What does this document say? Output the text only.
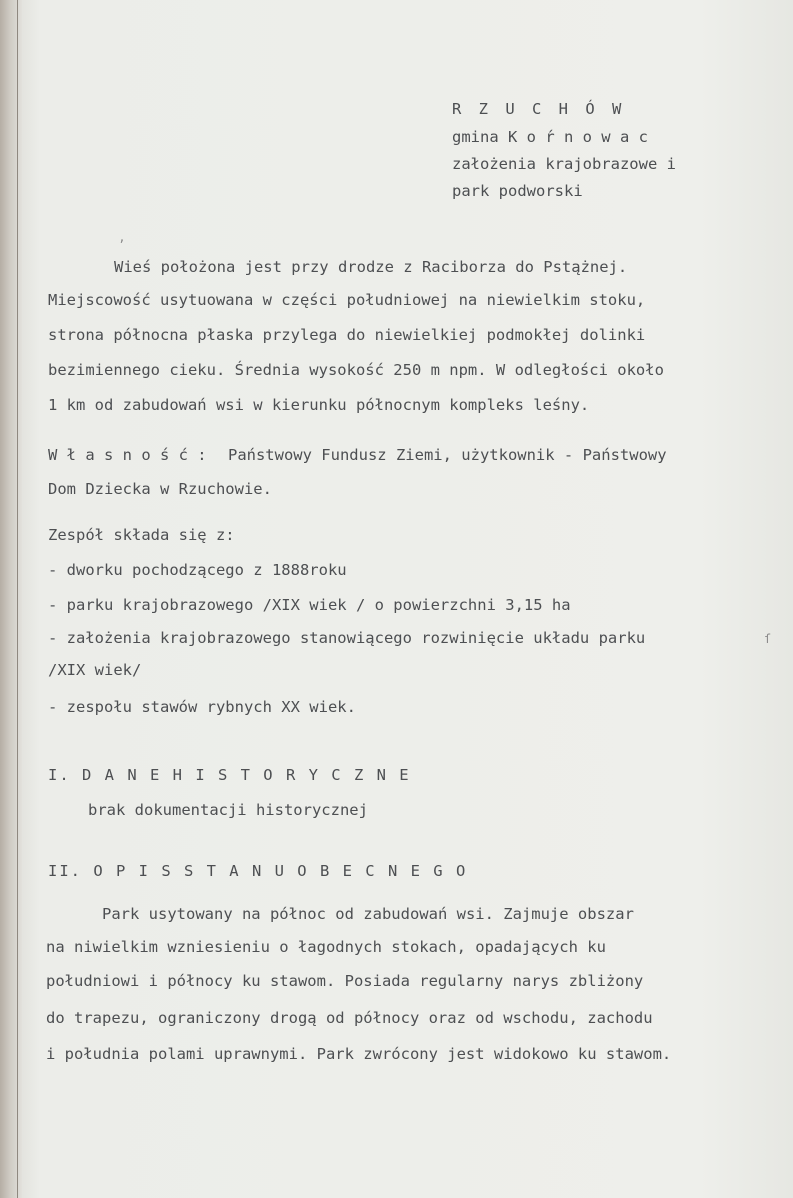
R Z U C H Ó W
gmina K o ́r n o w a c
założenia krajobrazowe i
park podworski
ʼ
Wieś położona jest przy drodze z Raciborza do Pstążnej.
Miejscowość usytuowana w części południowej na niewielkim stoku,
strona północna płaska przylega do niewielkiej podmokłej dolinki
bezimiennego cieku. Średnia wysokość 250 m npm. W odległości około
1 km od zabudowań wsi w kierunku północnym kompleks leśny.
W ł a s n o ś ć : Państwowy Fundusz Ziemi, użytkownik - Państwowy
Dom Dziecka w Rzuchowie.
Zespół składa się z:
- dworku pochodzącego z 1888roku
- parku krajobrazowego /XIX wiek / o powierzchni 3,15 ha
- założenia krajobrazowego stanowiącego rozwinięcie układu parku
/XIX wiek/
- zespołu stawów rybnych XX wiek.
ſ
I. D A N E H I S T O R Y C Z N E
brak dokumentacji historycznej
II. O P I S S T A N U O B E C N E G O
Park usytowany na północ od zabudowań wsi. Zajmuje obszar
na niwielkim wzniesieniu o łagodnych stokach, opadających ku
południowi i północy ku stawom. Posiada regularny narys zbliżony
do trapezu, ograniczony drogą od północy oraz od wschodu, zachodu
i południa polami uprawnymi. Park zwrócony jest widokowo ku stawom.
